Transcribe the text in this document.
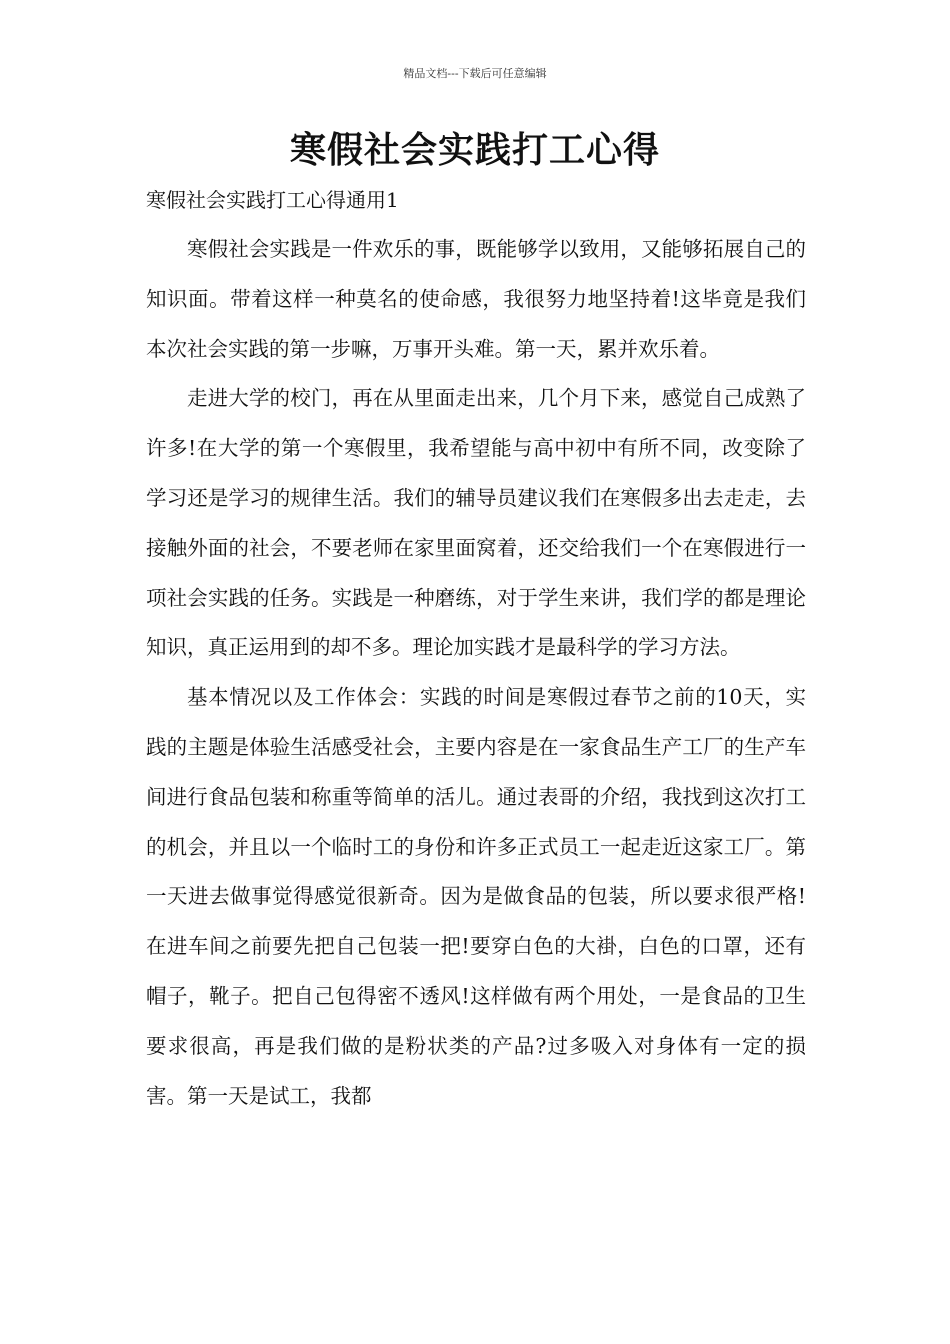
精品文档---下载后可任意编辑
寒假社会实践打工心得

寒假社会实践打工心得通用1

寒假社会实践是一件欢乐的事，既能够学以致用，又能够拓展自己的知识面。带着这样一种莫名的使命感，我很努力地坚持着!这毕竟是我们本次社会实践的第一步嘛，万事开头难。第一天，累并欢乐着。

走进大学的校门，再在从里面走出来，几个月下来，感觉自己成熟了许多!在大学的第一个寒假里，我希望能与高中初中有所不同，改变除了学习还是学习的规律生活。我们的辅导员建议我们在寒假多出去走走，去接触外面的社会，不要老师在家里面窝着，还交给我们一个在寒假进行一项社会实践的任务。实践是一种磨练，对于学生来讲，我们学的都是理论知识，真正运用到的却不多。理论加实践才是最科学的学习方法。

基本情况以及工作体会：实践的时间是寒假过春节之前的10天，实践的主题是体验生活感受社会，主要内容是在一家食品生产工厂的生产车间进行食品包装和称重等简单的活儿。通过表哥的介绍，我找到这次打工的机会，并且以一个临时工的身份和许多正式员工一起走近这家工厂。第一天进去做事觉得感觉很新奇。因为是做食品的包装，所以要求很严格!在进车间之前要先把自己包装一把!要穿白色的大褂，白色的口罩，还有帽子，靴子。把自己包得密不透风!这样做有两个用处，一是食品的卫生要求很高，再是我们做的是粉状类的产品?过多吸入对身体有一定的损害。第一天是试工，我都
